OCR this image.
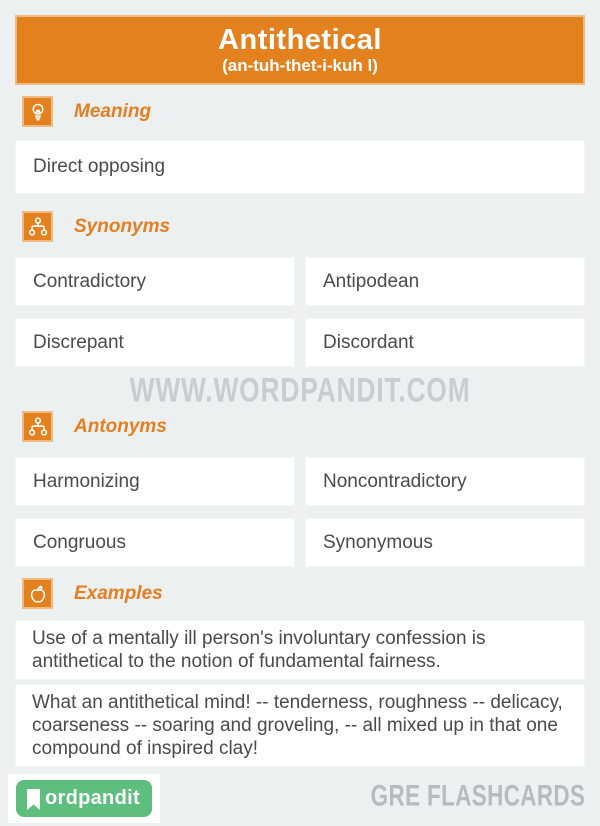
Antithetical
(an-tuh-thet-i-kuh l)
Meaning
Direct opposing
Synonyms
Contradictory	Antipodean
Discrepant	Discordant
WWW.WORDPANDIT.COM
Antonyms
Harmonizing	Noncontradictory
Congruous	Synonymous
Examples
Use of a mentally ill person's involuntary confession is antithetical to the notion of fundamental fairness.
What an antithetical mind! -- tenderness, roughness -- delicacy, coarseness -- soaring and groveling, -- all mixed up in that one compound of inspired clay!
ordpandit	GRE FLASHCARDS
